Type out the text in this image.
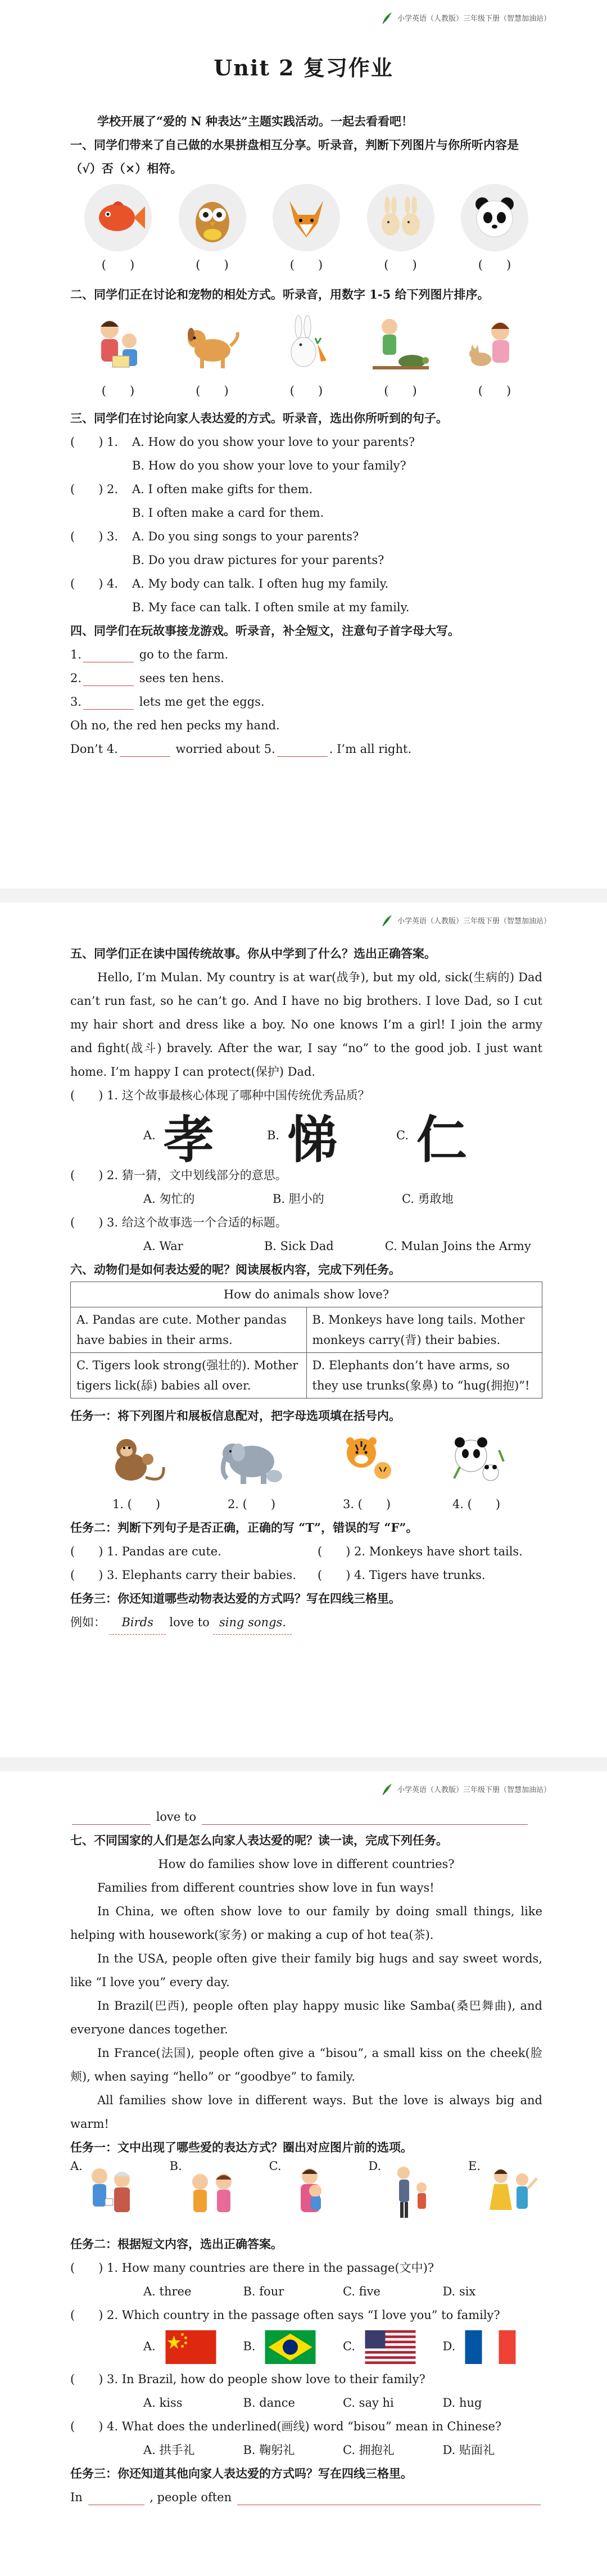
小学英语（人教版）三年级下册（智慧加油站）
Unit 2 复习作业
学校开展了“爱的 N 种表达”主题实践活动。一起去看看吧！
一、同学们带来了自己做的水果拼盘相互分享。听录音，判断下列图片与你所听内容是（√）否（×）相符。
(　　)	(　　)	(　　)	(　　)	(　　)
二、同学们正在讨论和宠物的相处方式。听录音，用数字 1-5 给下列图片排序。
(　　)	(　　)	(　　)	(　　)	(　　)
三、同学们在讨论向家人表达爱的方式。听录音，选出你所听到的句子。
(　　) 1. A. How do you show your love to your parents?
B. How do you show your love to your family?
(　　) 2. A. I often make gifts for them.
B. I often make a card for them.
(　　) 3. A. Do you sing songs to your parents?
B. Do you draw pictures for your parents?
(　　) 4. A. My body can talk. I often hug my family.
B. My face can talk. I often smile at my family.
四、同学们在玩故事接龙游戏。听录音，补全短文，注意句子首字母大写。
1.	go to the farm.
2.	sees ten hens.
3.	lets me get the eggs.
Oh no, the red hen pecks my hand.
Don’t 4.	worried about 5.	. I’m all right.
小学英语（人教版）三年级下册（智慧加油站）
五、同学们正在读中国传统故事。你从中学到了什么？选出正确答案。
Hello, I’m Mulan. My country is at war(战争), but my old, sick(生病的) Dad can’t run fast, so he can’t go. And I have no big brothers. I love Dad, so I cut my hair short and dress like a boy. No one knows I’m a girl! I join the army and fight(战斗) bravely. After the war, I say “no” to the good job. I just want home. I’m happy I can protect(保护) Dad.
(　　) 1. 这个故事最核心体现了哪种中国传统优秀品质？
A. 孝	B. 悌	C. 仁
(　　) 2. 猜一猜，文中划线部分的意思。
A. 匆忙的	B. 胆小的	C. 勇敢地
(　　) 3. 给这个故事选一个合适的标题。
A. War	B. Sick Dad	C. Mulan Joins the Army
六、动物们是如何表达爱的呢？阅读展板内容，完成下列任务。
How do animals show love?	
A. Pandas are cute. Mother pandas have babies in their arms.	B. Monkeys have long tails. Mother monkeys carry(背) their babies.
C. Tigers look strong(强壮的). Mother tigers lick(舔) babies all over.	D. Elephants don’t have arms, so they use trunks(象鼻) to “hug(拥抱)”!
任务一：将下列图片和展板信息配对，把字母选项填在括号内。
1. (　　)	2. (　　)	3. (　　)	4. (　　)
任务二：判断下列句子是否正确，正确的写 “T”，错误的写 “F”。
(　　) 1. Pandas are cute.	(　　) 2. Monkeys have short tails.
(　　) 3. Elephants carry their babies.	(　　) 4. Tigers have trunks.
任务三：你还知道哪些动物表达爱的方式吗？写在四线三格里。
例如： Birds love to sing songs.
小学英语（人教版）三年级下册（智慧加油站）
love to
七、不同国家的人们是怎么向家人表达爱的呢？读一读，完成下列任务。
How do families show love in different countries?
Families from different countries show love in fun ways!
In China, we often show love to our family by doing small things, like helping with housework(家务) or making a cup of hot tea(茶).
In the USA, people often give their family big hugs and say sweet words, like “I love you” every day.
In Brazil(巴西), people often play happy music like Samba(桑巴舞曲), and everyone dances together.
In France(法国), people often give a “bisou”, a small kiss on the cheek(脸颊), when saying “hello” or “goodbye” to family.
All families show love in different ways. But the love is always big and warm!
任务一：文中出现了哪些爱的表达方式？圈出对应图片前的选项。
A.	B.	C.	D.	E.
任务二：根据短文内容，选出正确答案。
(　　) 1. How many countries are there in the passage(文中)?
A. three	B. four	C. five	D. six
(　　) 2. Which country in the passage often says “I love you” to family?
A.	B.	C.	D.
(　　) 3. In Brazil, how do people show love to their family?
A. kiss	B. dance	C. say hi	D. hug
(　　) 4. What does the underlined(画线) word “bisou” mean in Chinese?
A. 拱手礼	B. 鞠躬礼	C. 拥抱礼	D. 贴面礼
任务三：你还知道其他向家人表达爱的方式吗？写在四线三格里。
In	, people often
